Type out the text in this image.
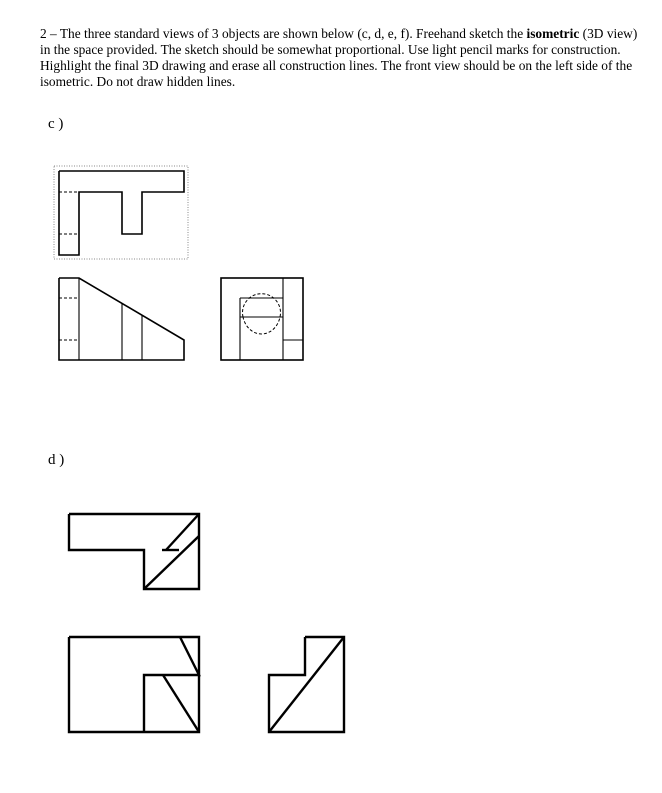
2 – The three standard views of 3 objects are shown below (c, d, e, f). Freehand sketch the isometric (3D view) in the space provided. The sketch should be somewhat proportional. Use light pencil marks for construction. Highlight the final 3D drawing and erase all construction lines. The front view should be on the left side of the isometric. Do not draw hidden lines.
c )
d )
